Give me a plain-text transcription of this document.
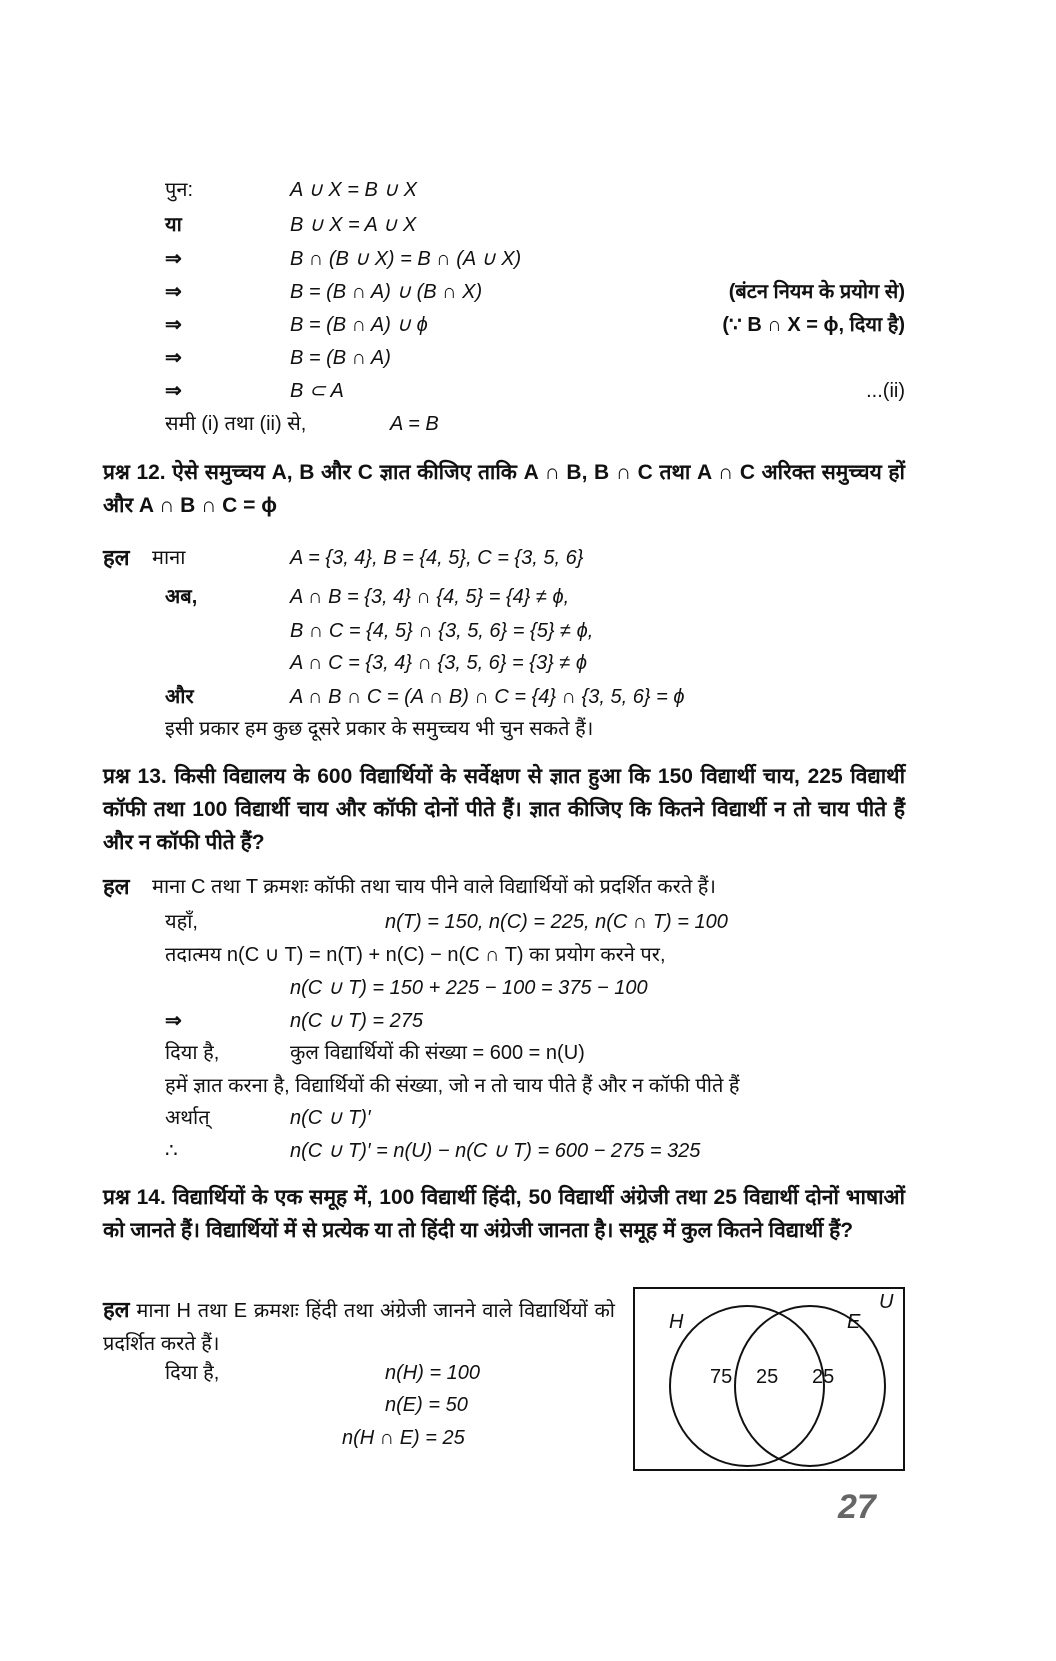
पुन:	A ∪ X = B ∪ X
या	B ∪ X = A ∪ X
⇒	B ∩ (B ∪ X) = B ∩ (A ∪ X)
⇒	B = (B ∩ A) ∪ (B ∩ X)	(बंटन नियम के प्रयोग से)
⇒	B = (B ∩ A) ∪ ϕ	(∵ B ∩ X = ϕ, दिया है)
⇒	B = (B ∩ A)
⇒	B ⊂ A	...(ii)
समी (i) तथा (ii) से,	A = B
प्रश्न 12. ऐसे समुच्चय A, B और C ज्ञात कीजिए ताकि A ∩ B, B ∩ C तथा A ∩ C अरिक्त समुच्चय हों और A ∩ B ∩ C = ϕ
हल माना	A = {3, 4}, B = {4, 5}, C = {3, 5, 6}
अब,	A ∩ B = {3, 4} ∩ {4, 5} = {4} ≠ ϕ,
B ∩ C = {4, 5} ∩ {3, 5, 6} = {5} ≠ ϕ,
A ∩ C = {3, 4} ∩ {3, 5, 6} = {3} ≠ ϕ
और	A ∩ B ∩ C = (A ∩ B) ∩ C = {4} ∩ {3, 5, 6} = ϕ
इसी प्रकार हम कुछ दूसरे प्रकार के समुच्चय भी चुन सकते हैं।
प्रश्न 13. किसी विद्यालय के 600 विद्यार्थियों के सर्वेक्षण से ज्ञात हुआ कि 150 विद्यार्थी चाय, 225 विद्यार्थी कॉफी तथा 100 विद्यार्थी चाय और कॉफी दोनों पीते हैं। ज्ञात कीजिए कि कितने विद्यार्थी न तो चाय पीते हैं और न कॉफी पीते हैं?
हल माना C तथा T क्रमशः कॉफी तथा चाय पीने वाले विद्यार्थियों को प्रदर्शित करते हैं।
यहाँ,	n(T) = 150, n(C) = 225, n(C ∩ T) = 100
तदात्मय n(C ∪ T) = n(T) + n(C) − n(C ∩ T) का प्रयोग करने पर,
n(C ∪ T) = 150 + 225 − 100 = 375 − 100
⇒	n(C ∪ T) = 275
दिया है,	कुल विद्यार्थियों की संख्या = 600 = n(U)
हमें ज्ञात करना है, विद्यार्थियों की संख्या, जो न तो चाय पीते हैं और न कॉफी पीते हैं
अर्थात्	n(C ∪ T)′
∴	n(C ∪ T)′ = n(U) − n(C ∪ T) = 600 − 275 = 325
प्रश्न 14. विद्यार्थियों के एक समूह में, 100 विद्यार्थी हिंदी, 50 विद्यार्थी अंग्रेजी तथा 25 विद्यार्थी दोनों भाषाओं को जानते हैं। विद्यार्थियों में से प्रत्येक या तो हिंदी या अंग्रेजी जानता है। समूह में कुल कितने विद्यार्थी हैं?
हल माना H तथा E क्रमशः हिंदी तथा अंग्रेजी जानने वाले विद्यार्थियों को प्रदर्शित करते हैं।
दिया है,	n(H) = 100
n(E) = 50
n(H ∩ E) = 25
U
H	E
75 25 25
27
